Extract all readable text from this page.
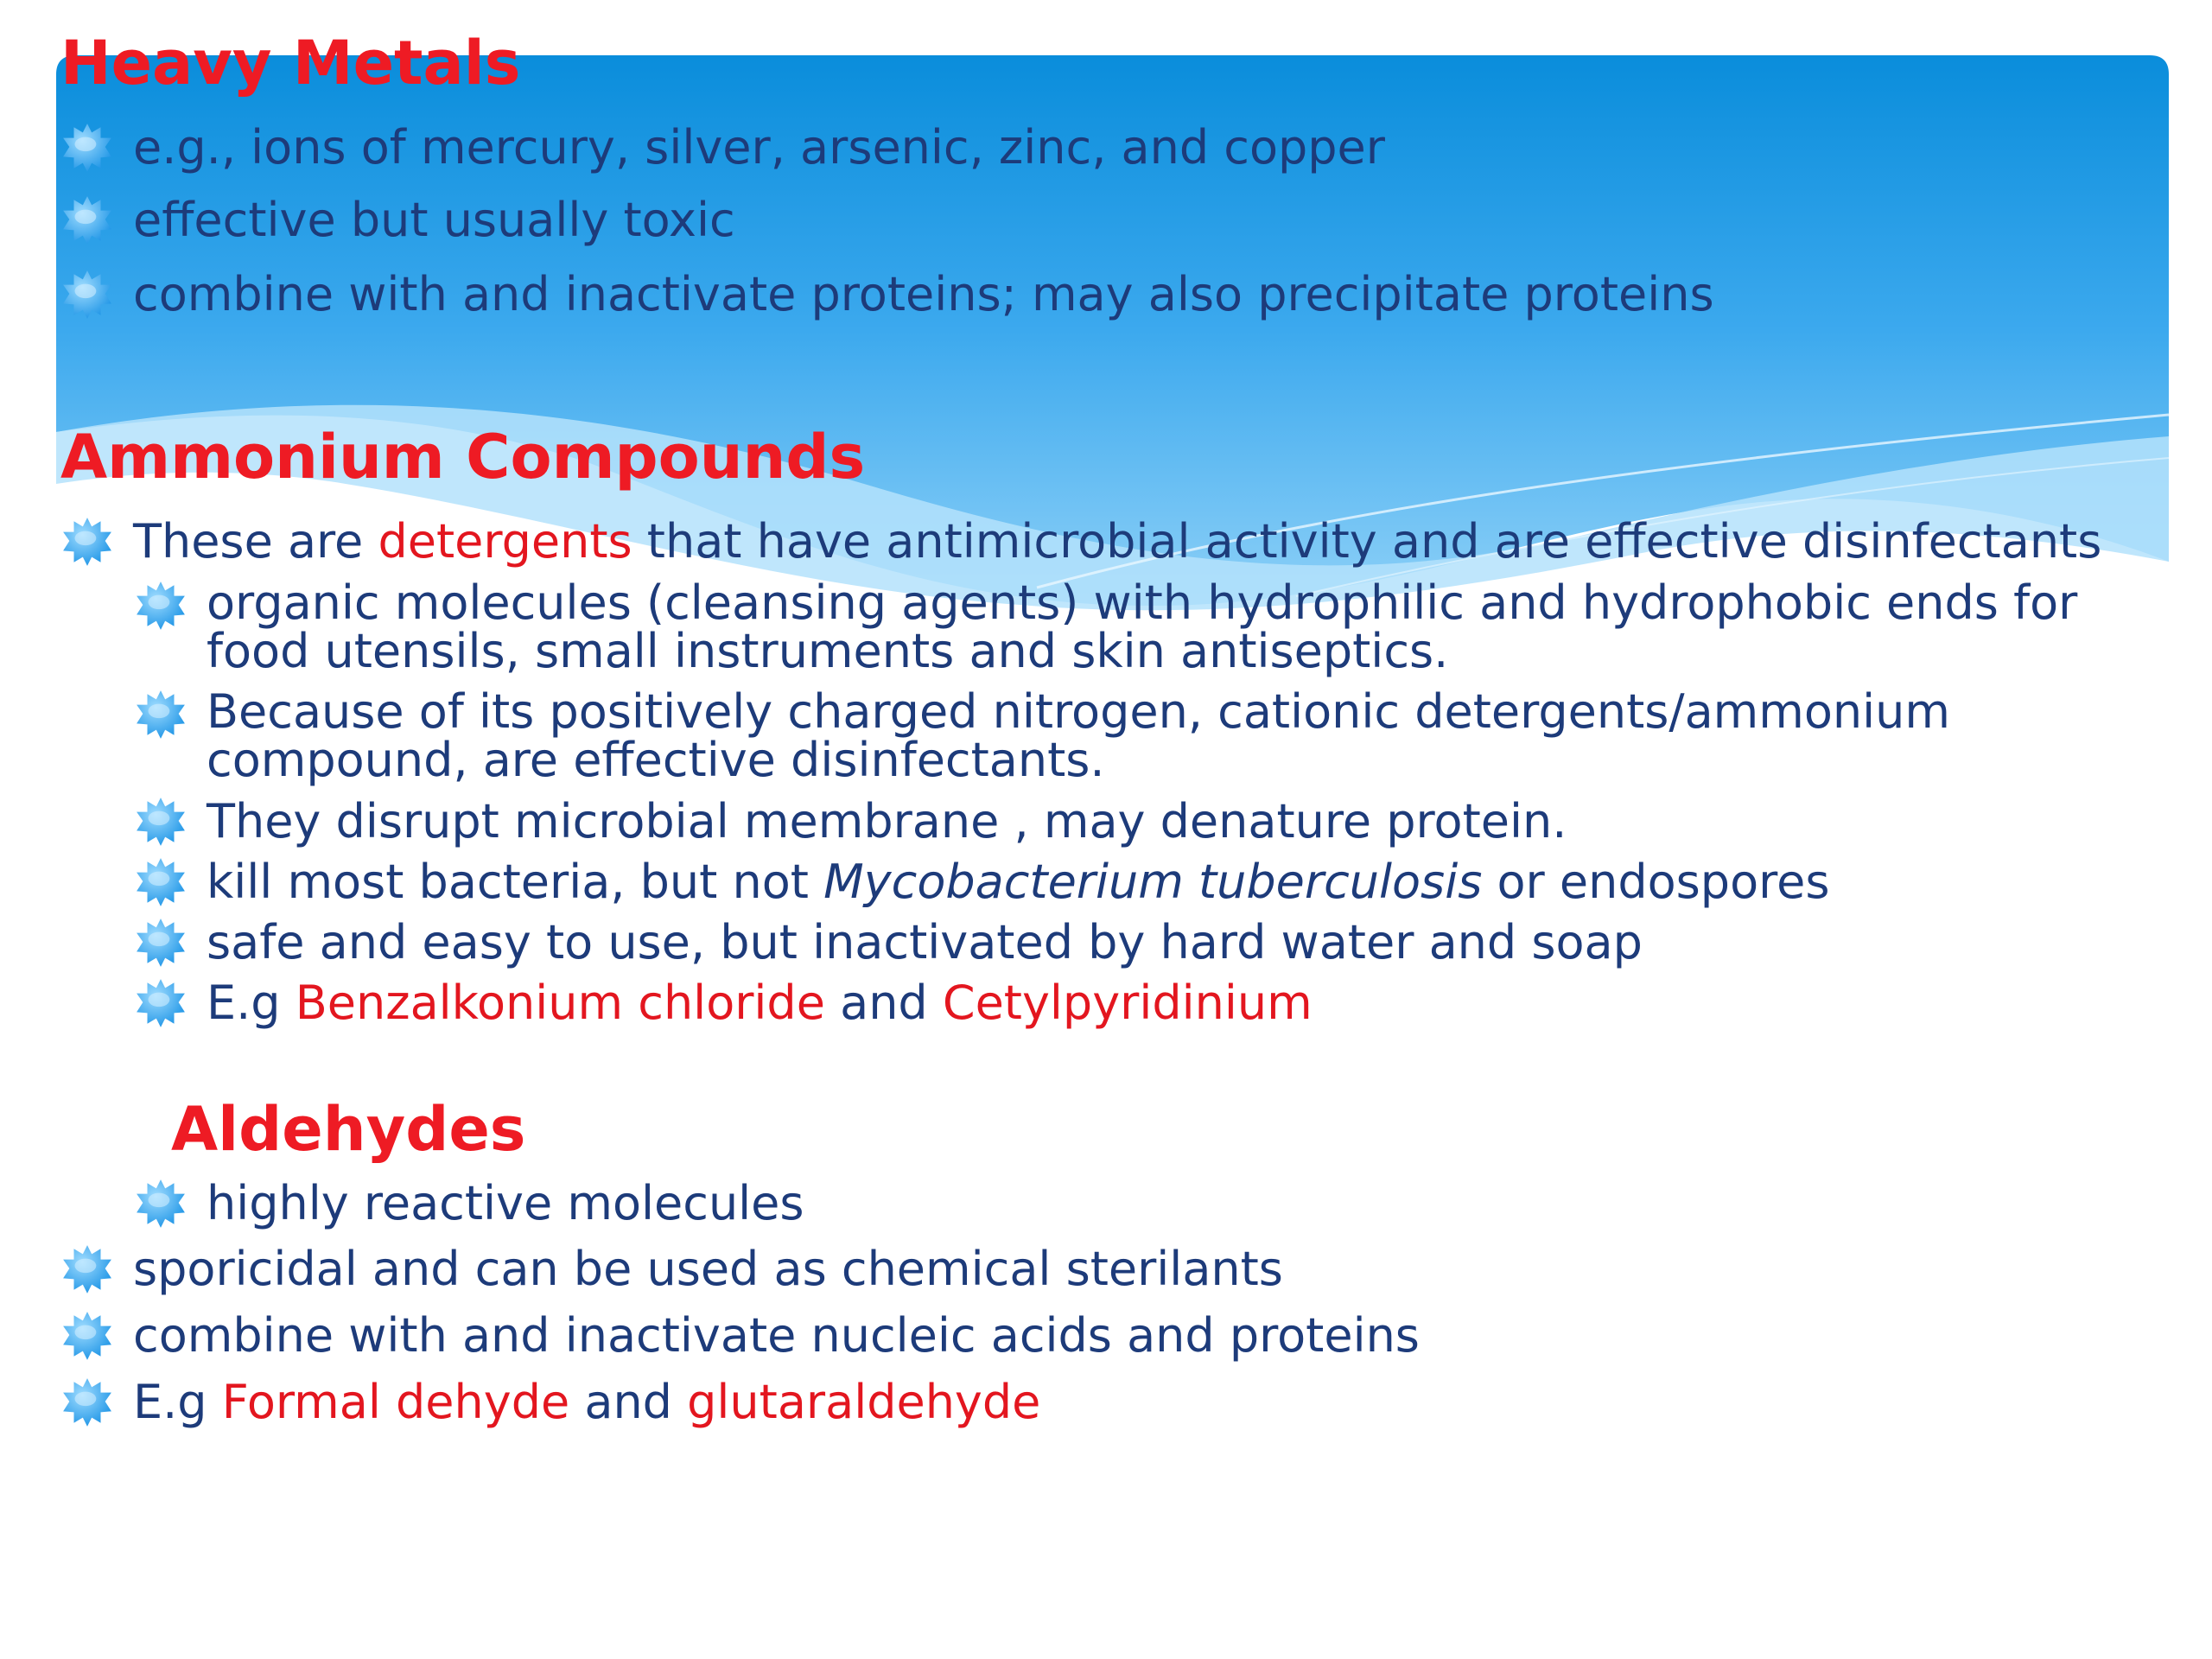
Heavy Metals
e.g., ions of mercury, silver, arsenic, zinc, and copper
effective but usually toxic
combine with and inactivate proteins; may also precipitate proteins
Ammonium Compounds
These are detergents that have antimicrobial activity and are effective disinfectants
organic molecules (cleansing agents) with hydrophilic and hydrophobic ends for food utensils, small instruments and skin antiseptics.
Because of its positively charged nitrogen, cationic detergents/ammonium compound, are effective disinfectants.
They disrupt microbial membrane , may denature protein.
kill most bacteria, but not Mycobacterium tuberculosis or endospores
safe and easy to use, but inactivated by hard water and soap
E.g Benzalkonium chloride and Cetylpyridinium
Aldehydes
highly reactive molecules
sporicidal and can be used as chemical sterilants
combine with and inactivate nucleic acids and proteins
E.g Formal dehyde and glutaraldehyde
